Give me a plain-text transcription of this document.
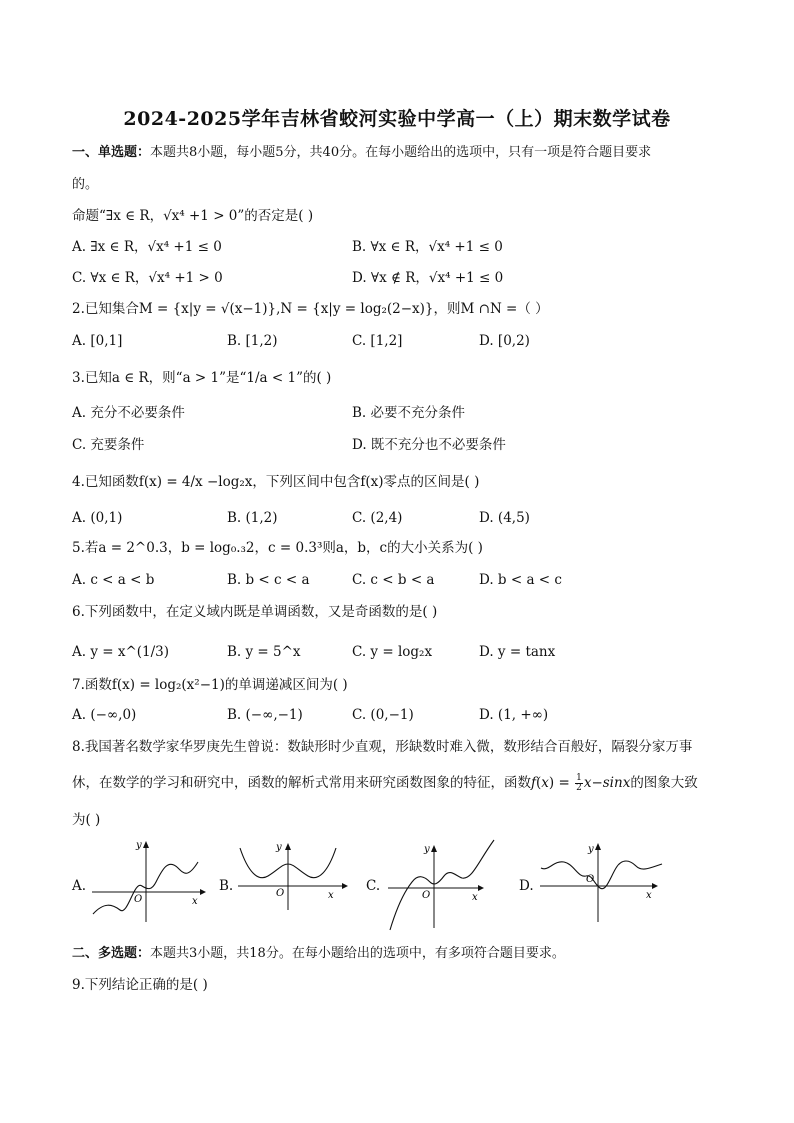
2024-2025学年吉林省蛟河实验中学高一（上）期末数学试卷
一、单选题：本题共8小题，每小题5分，共40分。在每小题给出的选项中，只有一项是符合题目要求
的。
命题“∃x ∈ R，√x⁴ +1 > 0”的否定是( )
A. ∃x ∈ R，√x⁴ +1 ≤ 0	B. ∀x ∈ R，√x⁴ +1 ≤ 0
C. ∀x ∈ R，√x⁴ +1 > 0	D. ∀x ∉ R，√x⁴ +1 ≤ 0
2.已知集合M = {x|y = √(x−1)},N = {x|y = log₂(2−x)}，则M ∩N =（ ）
A. [0,1]	B. [1,2)	C. [1,2]	D. [0,2)
3.已知a ∈ R，则“a > 1”是“1/a < 1”的( )
A. 充分不必要条件	B. 必要不充分条件
C. 充要条件	D. 既不充分也不必要条件
4.已知函数f(x) = 4/x −log₂x，下列区间中包含f(x)零点的区间是( )
A. (0,1)	B. (1,2)	C. (2,4)	D. (4,5)
5.若a = 2^0.3，b = log₀.₃2，c = 0.3³则a，b，c的大小关系为( )
A. c < a < b	B. b < c < a	C. c < b < a	D. b < a < c
6.下列函数中，在定义域内既是单调函数，又是奇函数的是( )
A. y = x^(1/3)	B. y = 5^x	C. y = log₂x	D. y = tanx
7.函数f(x) = log₂(x²−1)的单调递减区间为( )
A. (−∞,0)	B. (−∞,−1)	C. (0,−1)	D. (1, +∞)
8.我国著名数学家华罗庚先生曾说：数缺形时少直观，形缺数时难入微，数形结合百般好，隔裂分家万事
休，在数学的学习和研究中，函数的解析式常用来研究函数图象的特征，函数$f(x) = \frac{1}{2} x-\sin x$的图象大致
为( )
A.
y
x
O
B.
y
x
O	C.
y
x
O
D.
y
x
O
二、多选题：本题共3小题，共18分。在每小题给出的选项中，有多项符合题目要求。
9.下列结论正确的是( )
